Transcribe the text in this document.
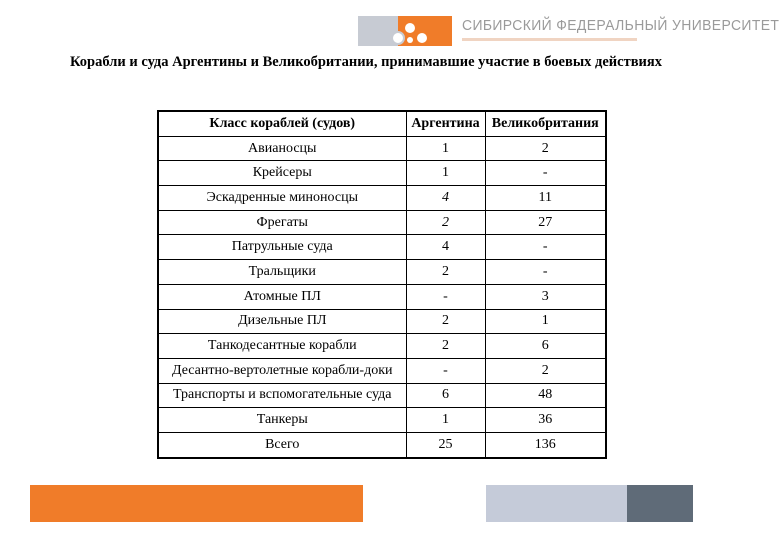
СИБИРСКИЙ ФЕДЕРАЛЬНЫЙ УНИВЕРСИТЕТ
Корабли и суда Аргентины и Великобритании, принимавшие участие в боевых действиях
Класс кораблей (судов)	Аргентина	Великобритания
Авианосцы	1	2
Крейсеры	1	-
Эскадренные миноносцы	4	11
Фрегаты	2	27
Патрульные суда	4	-
Тральщики	2	-
Атомные ПЛ	-	3
Дизельные ПЛ	2	1
Танкодесантные корабли	2	6
Десантно-вертолетные корабли-доки	-	2
Транспорты и вспомогательные суда	6	48
Танкеры	1	36
Всего	25	136
